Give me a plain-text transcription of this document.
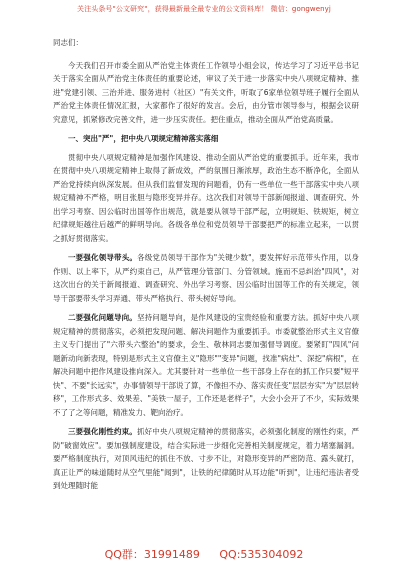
关注头条号"公文研究"，获得最新最全最专业的公文资料库！ 微信：gongwenyj

同志们：

今天我们召开市委全面从严治党主体责任工作领导小组会议，传达学习了习近平总书记关于落实全面从严治党主体责任的重要论述，审议了关于进一步落实中央八项规定精神、推进"党建引领、三治并进、服务进村（社区）"有关文件，听取了6家单位领导班子履行全面从严治党主体责任情况汇报，大家都作了很好的发言。会后，由分管市领导参与，根据会议研究意见，抓紧修改完善文件，进一步压实责任。把住重点，推动全面从严治党高质量。

一、突出"严"，把中央八项规定精神落实落细

贯彻中央八项规定精神是加强作风建设、推动全面从严治党的重要抓手。近年来，我市在贯彻中央八项规定精神上取得了新成效，严的氛围日渐浓厚，政治生态不断净化，全面从严治党持续向纵深发展。但从我们监督发现的问题看，仍有一些单位一些干部落实中央八项规定精神不严格，明目张胆与隐形变异并存。这次我们对领导干部新闻报道、调查研究、外出学习考察、因公临时出国等作出规范，就是要从领导干部严起，立明规矩、铁规矩，树立纪律规矩越往后越严的鲜明导向。各级各单位和党员领导干部要把严的标准立起来，一以贯之抓好贯彻落实。

一要强化领导带头。各级党员领导干部作为"关键少数"，要发挥好示范带头作用，以身作则、以上率下，从严约束自己，从严管理分管部门、分管领域。施而不忌纠治"四风"，对这次出台的关于新闻报道、调查研究、外出学习考察、因公临时出国等工作的有关规定，领导干部要带头学习弄通、带头严格执行、带头树好导向。

二要强化问题导向。坚持问题导向，是作风建设的宝贵经验和重要方法。抓好中央八项规定精神的贯彻落实，必须把发现问题、解决问题作为重要抓手。市委就整治形式主义官僚主义专门提出了"六带头六整治"的要求，会生、敬林同志要加强督导调度。要紧盯"四风"问题新动向新表现，特别是形式主义官僚主义"隐形""变异"问题，找准"病灶"、深挖"病根"，在解决问题中把作风建设推向深入。尤其要针对一些单位一些干部身上存在的抓工作只要"短平快"、不要"长远实"，办事情领导干部说了算，不像担不办、落实责任变"层层夯实"为"层层转移"，工作形式多、效果差、"美铁一屋子，工作还是老样子"，大会小会开了不少，实际效果不了了之等问题，精准发力、靶向治疗。

三要强化刚性约束。抓好中央八项规定精神的贯彻落实，必须强化制度的刚性约束，严防"破窗效应"。要加强制度建设，结合实际进一步细化完善相关制度规定，着力堵塞漏洞。要严格制度执行，对顶风违纪的抓住不放、寸步不让，对隐形变异的严密防范、露头就打，真正让严的味道随时从空气里能"闻到"，让铁的纪律随时从耳边能"听到"，让违纪违法者受到处理随时能

QQ群：31991489 QQ:535304092
